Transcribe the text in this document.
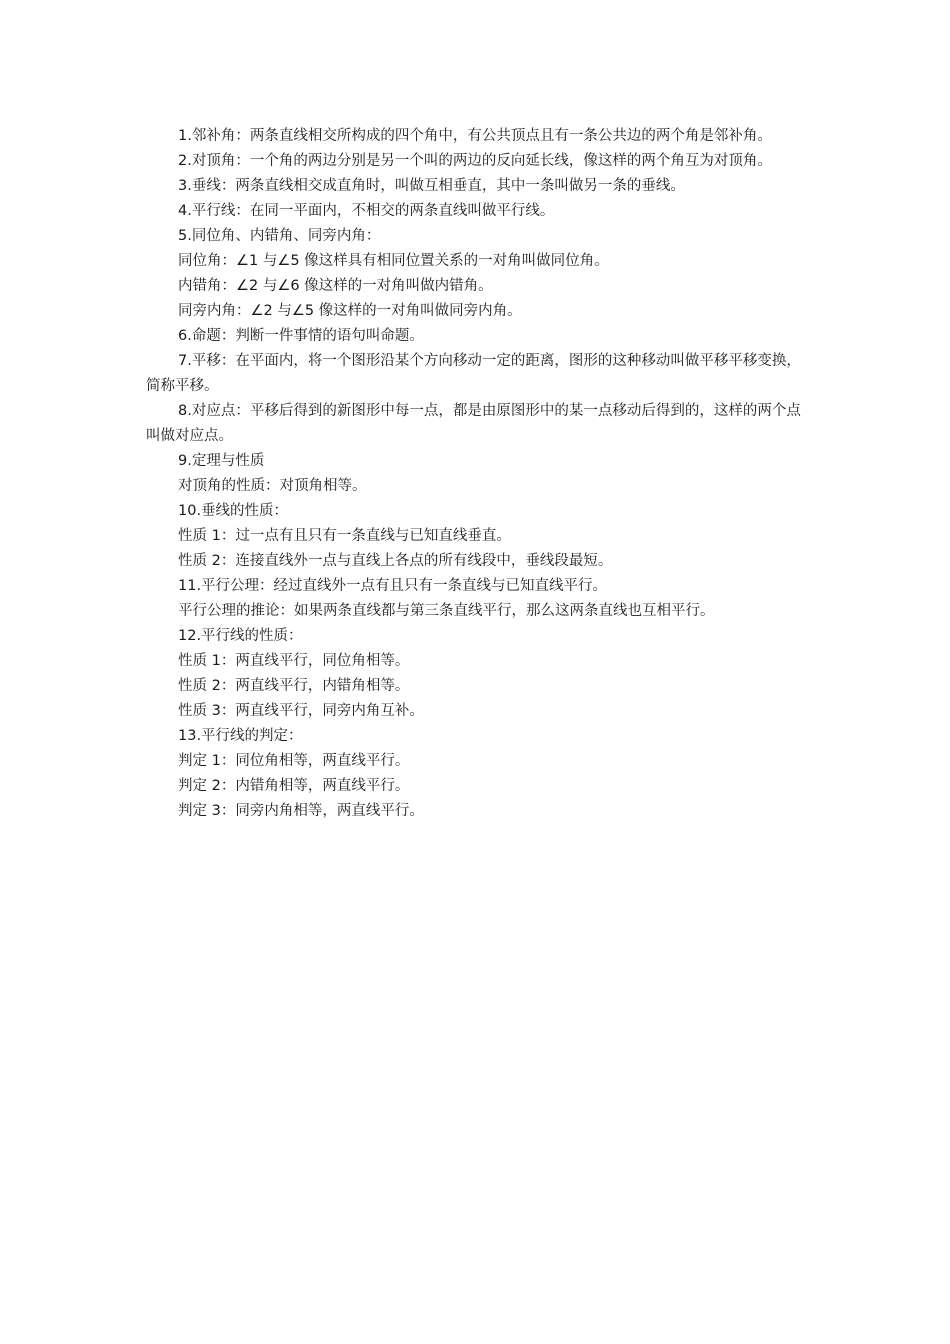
1.邻补角：两条直线相交所构成的四个角中，有公共顶点且有一条公共边的两个角是邻补角。

2.对顶角：一个角的两边分别是另一个叫的两边的反向延长线，像这样的两个角互为对顶角。

3.垂线：两条直线相交成直角时，叫做互相垂直，其中一条叫做另一条的垂线。

4.平行线：在同一平面内，不相交的两条直线叫做平行线。

5.同位角、内错角、同旁内角：

同位角：∠1 与∠5 像这样具有相同位置关系的一对角叫做同位角。

内错角：∠2 与∠6 像这样的一对角叫做内错角。

同旁内角：∠2 与∠5 像这样的一对角叫做同旁内角。

6.命题：判断一件事情的语句叫命题。

7.平移：在平面内，将一个图形沿某个方向移动一定的距离，图形的这种移动叫做平移平移变换，简称平移。

8.对应点：平移后得到的新图形中每一点，都是由原图形中的某一点移动后得到的，这样的两个点叫做对应点。

9.定理与性质

对顶角的性质：对顶角相等。

10.垂线的性质：

性质 1：过一点有且只有一条直线与已知直线垂直。

性质 2：连接直线外一点与直线上各点的所有线段中，垂线段最短。

11.平行公理：经过直线外一点有且只有一条直线与已知直线平行。

平行公理的推论：如果两条直线都与第三条直线平行，那么这两条直线也互相平行。

12.平行线的性质：

性质 1：两直线平行，同位角相等。

性质 2：两直线平行，内错角相等。

性质 3：两直线平行，同旁内角互补。

13.平行线的判定：

判定 1：同位角相等，两直线平行。

判定 2：内错角相等，两直线平行。

判定 3：同旁内角相等，两直线平行。
